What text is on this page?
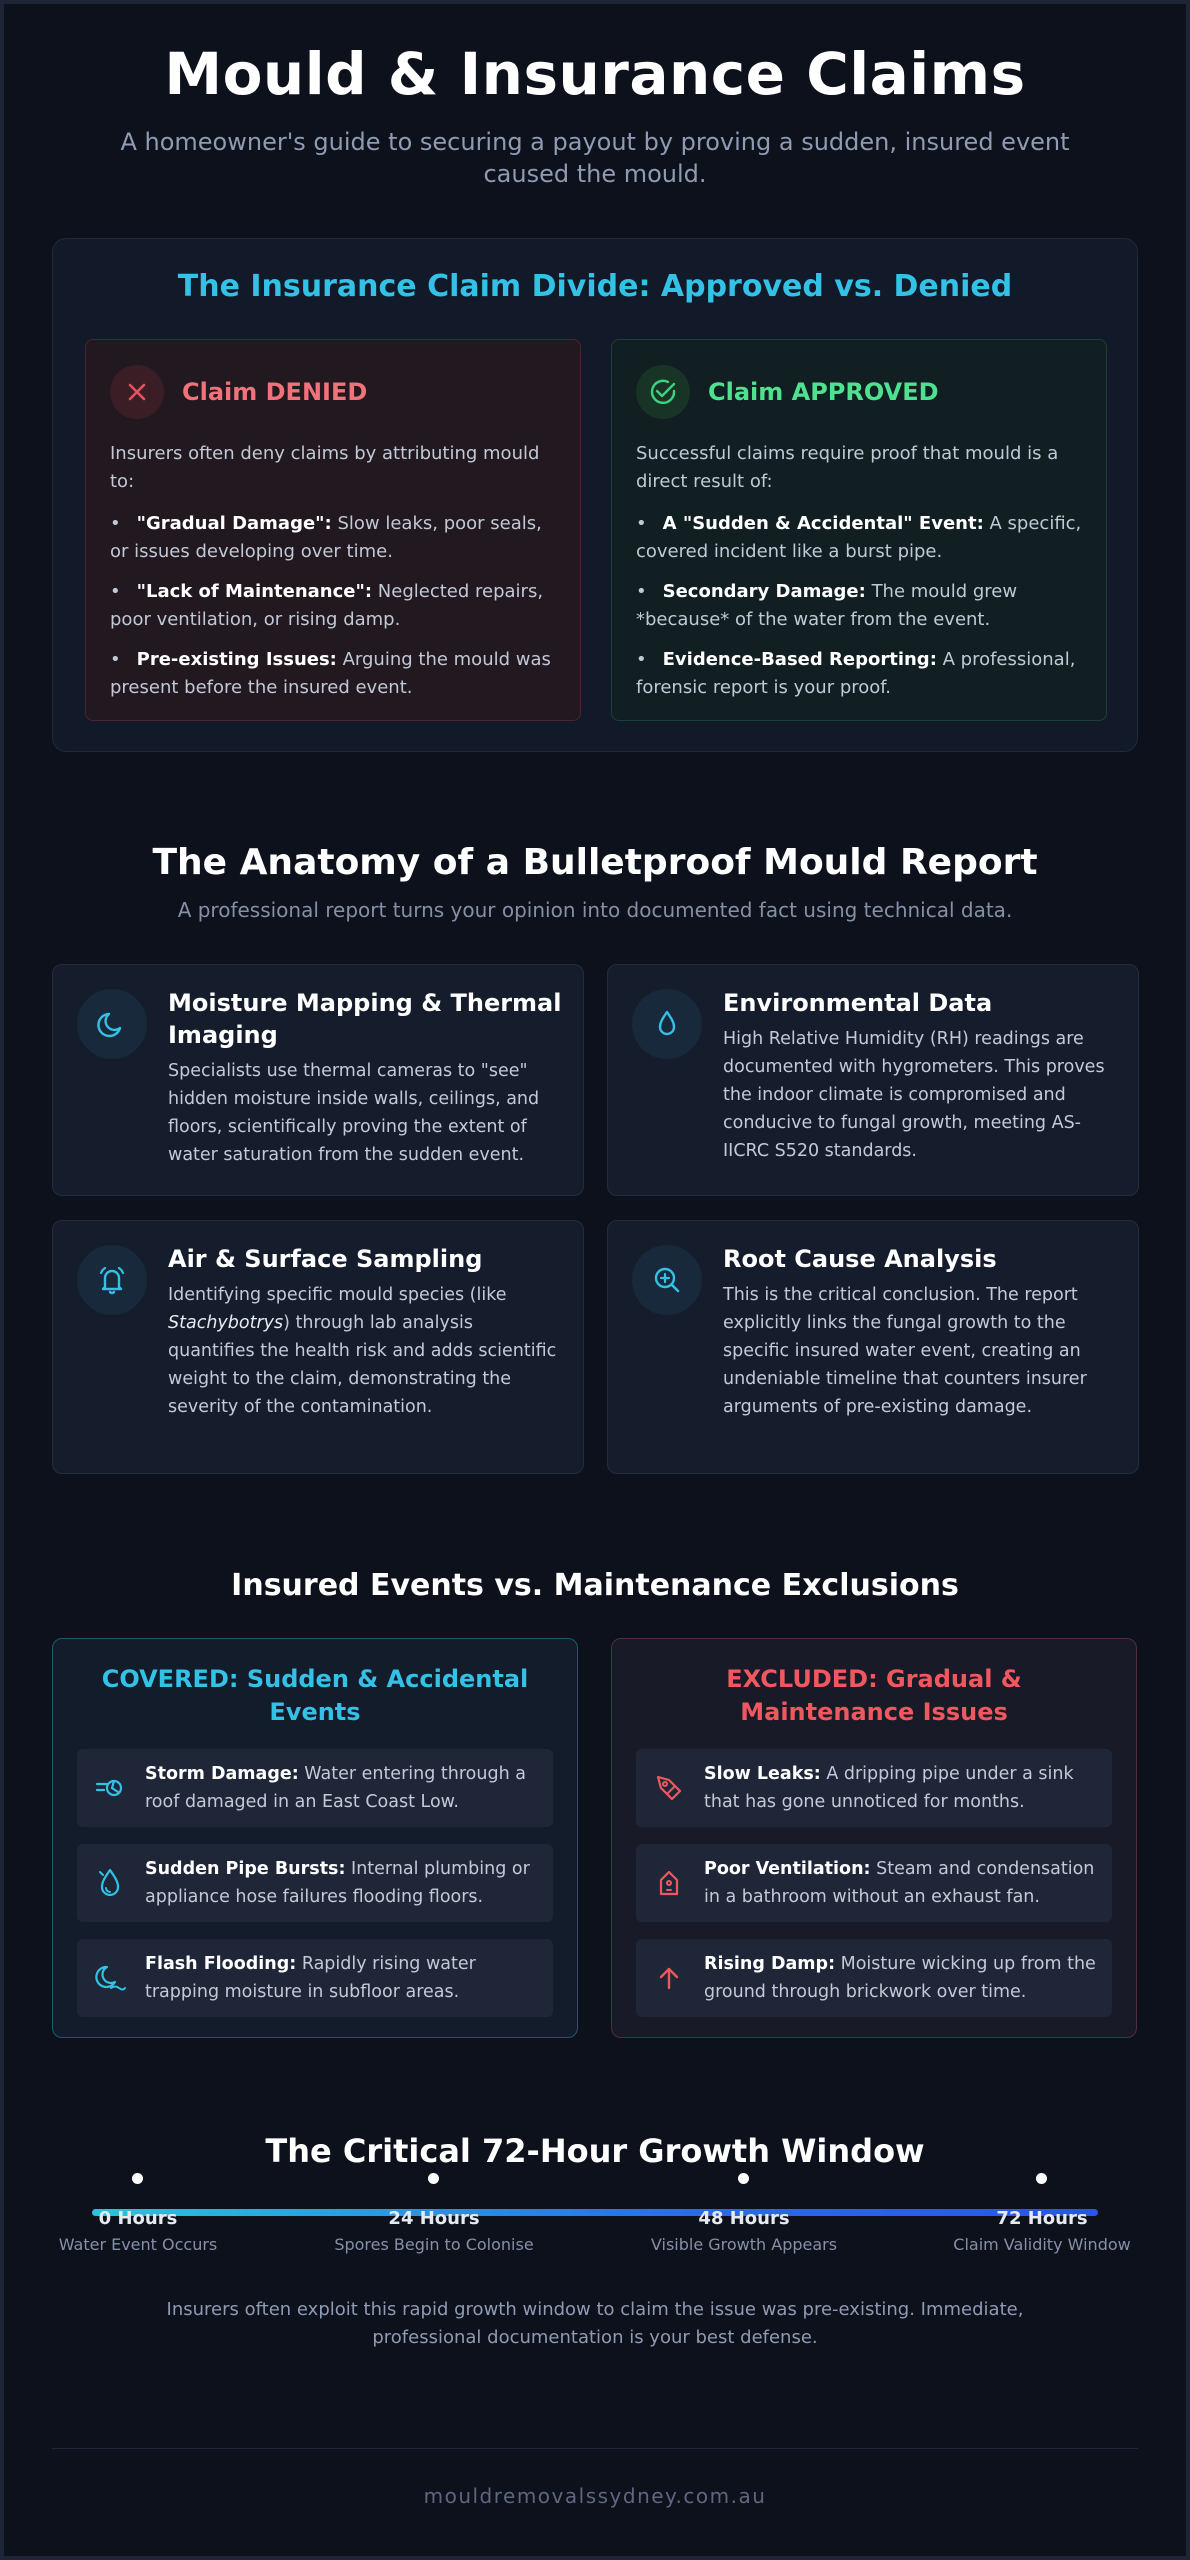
Mould & Insurance Claims

A homeowner's guide to securing a payout by proving a sudden, insured event caused the mould.

The Insurance Claim Divide: Approved vs. Denied
Claim DENIED

Insurers often deny claims by attributing mould to:

• "Gradual Damage": Slow leaks, poor seals, or issues developing over time.
• "Lack of Maintenance": Neglected repairs, poor ventilation, or rising damp.
• Pre-existing Issues: Arguing the mould was present before the insured event.
Claim APPROVED

Successful claims require proof that mould is a direct result of:

• A "Sudden & Accidental" Event: A specific, covered incident like a burst pipe.
• Secondary Damage: The mould grew *because* of the water from the event.
• Evidence-Based Reporting: A professional, forensic report is your proof.
The Anatomy of a Bulletproof Mould Report

A professional report turns your opinion into documented fact using technical data.

Moisture Mapping & Thermal Imaging

Specialists use thermal cameras to "see" hidden moisture inside walls, ceilings, and floors, scientifically proving the extent of water saturation from the sudden event.

Environmental Data

High Relative Humidity (RH) readings are documented with hygrometers. This proves the indoor climate is compromised and conducive to fungal growth, meeting AS-IICRC S520 standards.

Air & Surface Sampling

Identifying specific mould species (like Stachybotrys) through lab analysis quantifies the health risk and adds scientific weight to the claim, demonstrating the severity of the contamination.

Root Cause Analysis

This is the critical conclusion. The report explicitly links the fungal growth to the specific insured water event, creating an undeniable timeline that counters insurer arguments of pre-existing damage.

Insured Events vs. Maintenance Exclusions
COVERED: Sudden & Accidental Events

Storm Damage: Water entering through a roof damaged in an East Coast Low.

Sudden Pipe Bursts: Internal plumbing or appliance hose failures flooding floors.

Flash Flooding: Rapidly rising water trapping moisture in subfloor areas.

EXCLUDED: Gradual & Maintenance Issues

Slow Leaks: A dripping pipe under a sink that has gone unnoticed for months.

Poor Ventilation: Steam and condensation in a bathroom without an exhaust fan.

Rising Damp: Moisture wicking up from the ground through brickwork over time.

The Critical 72-Hour Growth Window
0 Hours	24 Hours	48 Hours	72 Hours
Water Event Occurs	Spores Begin to Colonise	Visible Growth Appears	Claim Validity Window

Insurers often exploit this rapid growth window to claim the issue was pre-existing. Immediate, professional documentation is your best defense.

mouldremovalssydney.com.au
